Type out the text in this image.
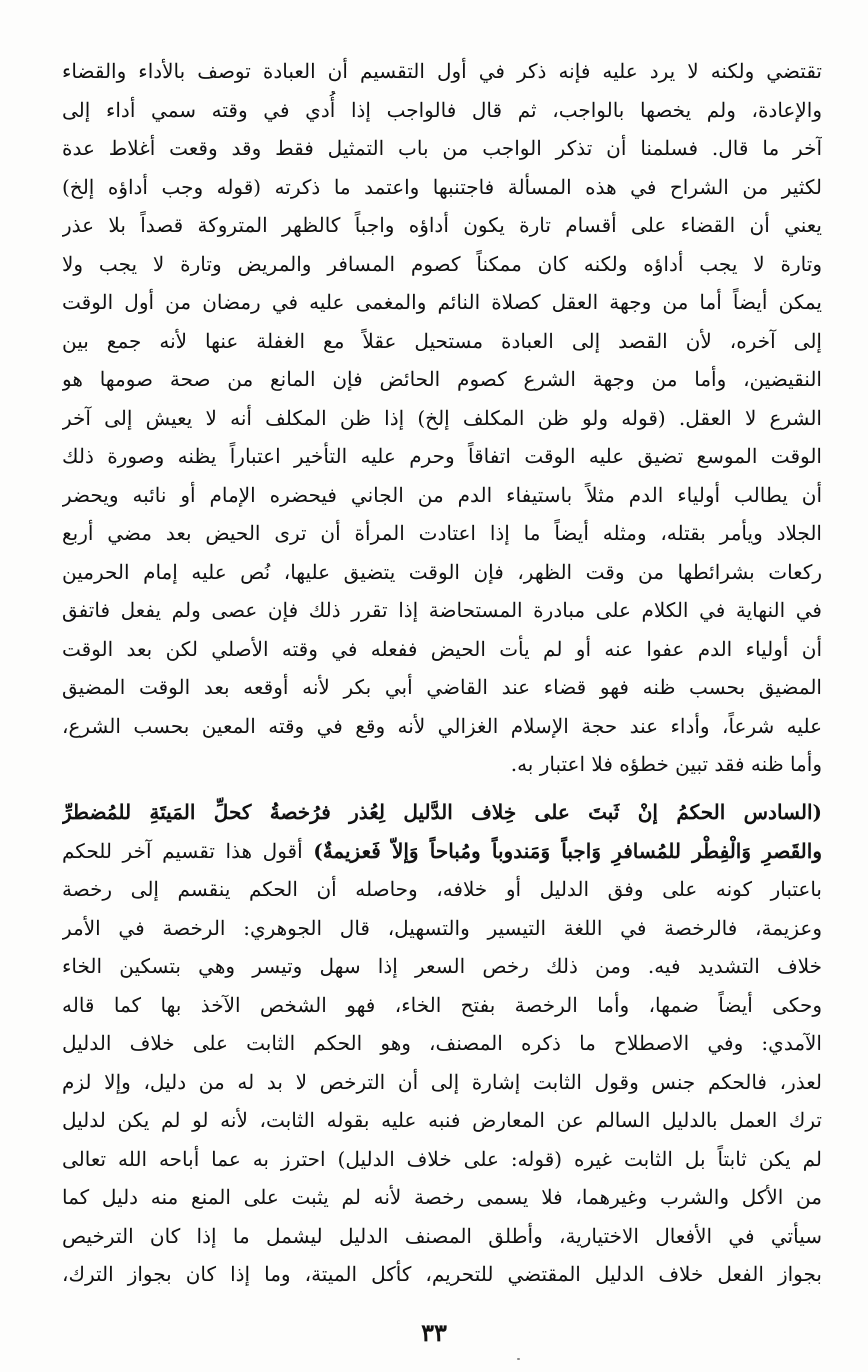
تقتضي ولكنه لا يرد عليه فإنه ذكر في أول التقسيم أن العبادة توصف بالأداء والقضاء
والإعادة، ولم يخصها بالواجب، ثم قال فالواجب إذا أُدي في وقته سمي أداء إلى
آخر ما قال. فسلمنا أن تذكر الواجب من باب التمثيل فقط وقد وقعت أغلاط عدة
لكثير من الشراح في هذه المسألة فاجتنبها واعتمد ما ذكرته (قوله وجب أداؤه إلخ)
يعني أن القضاء على أقسام تارة يكون أداؤه واجباً كالظهر المتروكة قصداً بلا عذر
وتارة لا يجب أداؤه ولكنه كان ممكناً كصوم المسافر والمريض وتارة لا يجب ولا
يمكن أيضاً أما من وجهة العقل كصلاة النائم والمغمى عليه في رمضان من أول الوقت
إلى آخره، لأن القصد إلى العبادة مستحيل عقلاً مع الغفلة عنها لأنه جمع بين
النقيضين، وأما من وجهة الشرع كصوم الحائض فإن المانع من صحة صومها هو
الشرع لا العقل. (قوله ولو ظن المكلف إلخ) إذا ظن المكلف أنه لا يعيش إلى آخر
الوقت الموسع تضيق عليه الوقت اتفاقاً وحرم عليه التأخير اعتباراً يظنه وصورة ذلك
أن يطالب أولياء الدم مثلاً باستيفاء الدم من الجاني فيحضره الإمام أو نائبه ويحضر
الجلاد ويأمر بقتله، ومثله أيضاً ما إذا اعتادت المرأة أن ترى الحيض بعد مضي أربع
ركعات بشرائطها من وقت الظهر، فإن الوقت يتضيق عليها، نُص عليه إمام الحرمين
في النهاية في الكلام على مبادرة المستحاضة إذا تقرر ذلك فإن عصى ولم يفعل فاتفق
أن أولياء الدم عفوا عنه أو لم يأت الحيض ففعله في وقته الأصلي لكن بعد الوقت
المضيق بحسب ظنه فهو قضاء عند القاضي أبي بكر لأنه أوقعه بعد الوقت المضيق
عليه شرعاً، وأداء عند حجة الإسلام الغزالي لأنه وقع في وقته المعين بحسب الشرع،
وأما ظنه فقد تبين خطؤه فلا اعتبار به.
(السادس الحكمُ إنْ ثَبتَ على خِلاف الدَّليل لِعُذر فرُخصةُ كحلِّ المَيتَةِ للمُضطرِّ
والقَصرِ وَالْفِطْر للمُسافرِ وَاجباً وَمَندوباً ومُباحاً وَإلاّ فَعزيمةٌ) أقول هذا تقسيم آخر للحكم
باعتبار كونه على وفق الدليل أو خلافه، وحاصله أن الحكم ينقسم إلى رخصة
وعزيمة، فالرخصة في اللغة التيسير والتسهيل، قال الجوهري: الرخصة في الأمر
خلاف التشديد فيه. ومن ذلك رخص السعر إذا سهل وتيسر وهي بتسكين الخاء
وحكى أيضاً ضمها، وأما الرخصة بفتح الخاء، فهو الشخص الآخذ بها كما قاله
الآمدي: وفي الاصطلاح ما ذكره المصنف، وهو الحكم الثابت على خلاف الدليل
لعذر، فالحكم جنس وقول الثابت إشارة إلى أن الترخص لا بد له من دليل، وإلا لزم
ترك العمل بالدليل السالم عن المعارض فنبه عليه بقوله الثابت، لأنه لو لم يكن لدليل
لم يكن ثابتاً بل الثابت غيره (قوله: على خلاف الدليل) احترز به عما أباحه الله تعالى
من الأكل والشرب وغيرهما، فلا يسمى رخصة لأنه لم يثبت على المنع منه دليل كما
سيأتي في الأفعال الاختيارية، وأطلق المصنف الدليل ليشمل ما إذا كان الترخيص
بجواز الفعل خلاف الدليل المقتضي للتحريم، كأكل الميتة، وما إذا كان بجواز الترك،
٣٣
